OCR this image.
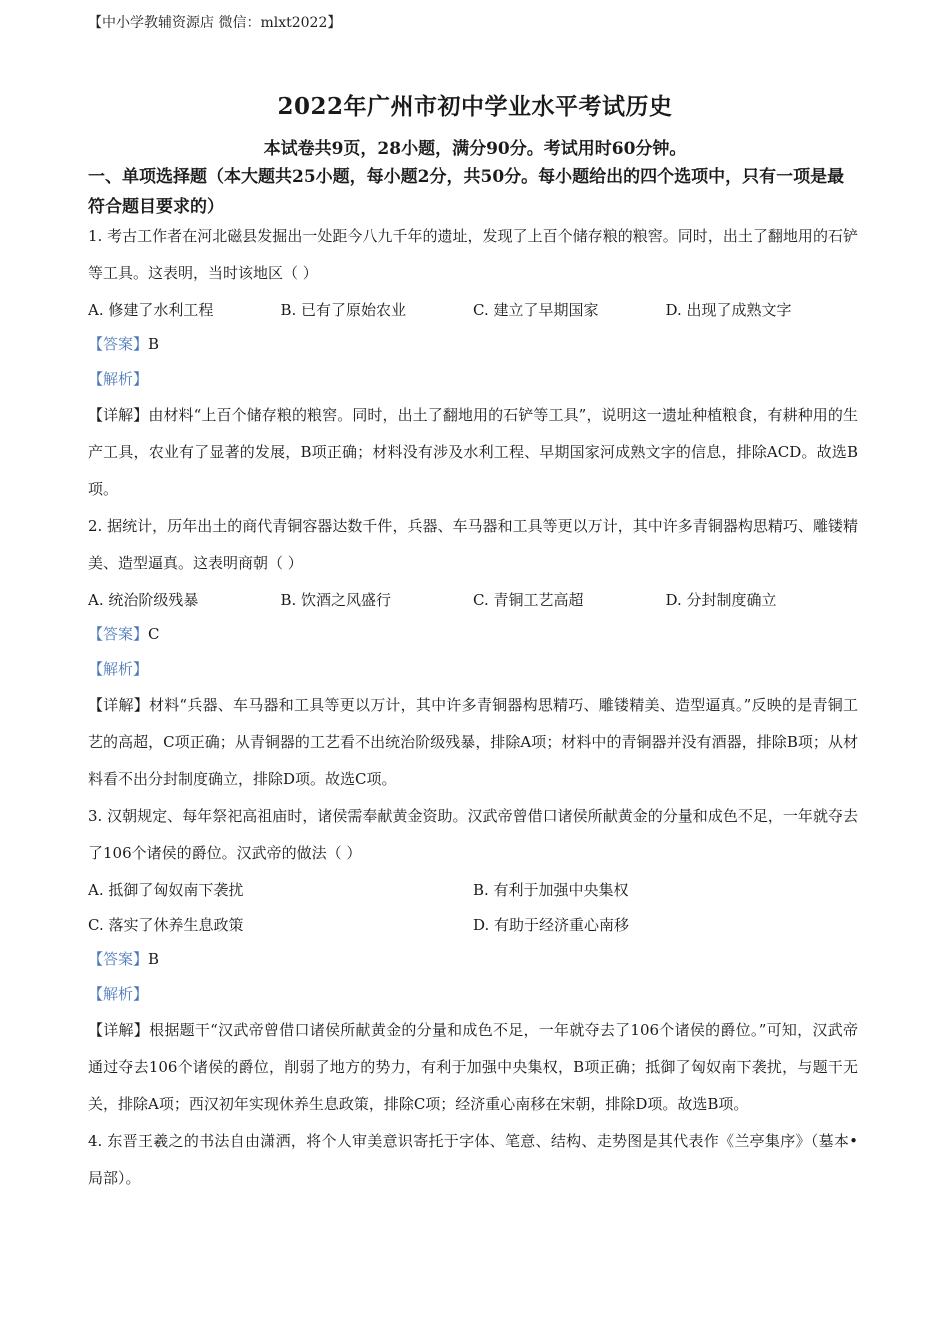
【中小学教辅资源店 微信：mlxt2022】
2022年广州市初中学业水平考试历史
本试卷共9页，28小题，满分90分。考试用时60分钟。
一、单项选择题（本大题共25小题，每小题2分，共50分。每小题给出的四个选项中，只有一项是最符合题目要求的）

1. 考古工作者在河北磁县发掘出一处距今八九千年的遗址，发现了上百个储存粮的粮窖。同时，出土了翻地用的石铲等工具。这表明，当时该地区（ ）

A. 修建了水利工程	B. 已有了原始农业	C. 建立了早期国家	D. 出现了成熟文字
【答案】B
【解析】

【详解】由材料“上百个储存粮的粮窖。同时，出土了翻地用的石铲等工具”，说明这一遗址种植粮食，有耕种用的生产工具，农业有了显著的发展，B项正确；材料没有涉及水利工程、早期国家河成熟文字的信息，排除ACD。故选B项。

2. 据统计，历年出土的商代青铜容器达数千件，兵器、车马器和工具等更以万计，其中许多青铜器构思精巧、雕镂精美、造型逼真。这表明商朝（ ）

A. 统治阶级残暴	B. 饮酒之风盛行	C. 青铜工艺高超	D. 分封制度确立
【答案】C
【解析】

【详解】材料“兵器、车马器和工具等更以万计，其中许多青铜器构思精巧、雕镂精美、造型逼真。”反映的是青铜工艺的高超，C项正确；从青铜器的工艺看不出统治阶级残暴，排除A项；材料中的青铜器并没有酒器，排除B项；从材料看不出分封制度确立，排除D项。故选C项。

3. 汉朝规定、每年祭祀高祖庙时，诸侯需奉献黄金资助。汉武帝曾借口诸侯所献黄金的分量和成色不足，一年就夺去了106个诸侯的爵位。汉武帝的做法（ ）

A. 抵御了匈奴南下袭扰	B. 有利于加强中央集权
C. 落实了休养生息政策	D. 有助于经济重心南移
【答案】B
【解析】

【详解】根据题干“汉武帝曾借口诸侯所献黄金的分量和成色不足，一年就夺去了106个诸侯的爵位。”可知，汉武帝通过夺去106个诸侯的爵位，削弱了地方的势力，有利于加强中央集权，B项正确；抵御了匈奴南下袭扰，与题干无关，排除A项；西汉初年实现休养生息政策，排除C项；经济重心南移在宋朝，排除D项。故选B项。

4. 东晋王羲之的书法自由潇洒，将个人审美意识寄托于字体、笔意、结构、走势图是其代表作《兰亭集序》（墓本•局部）。
